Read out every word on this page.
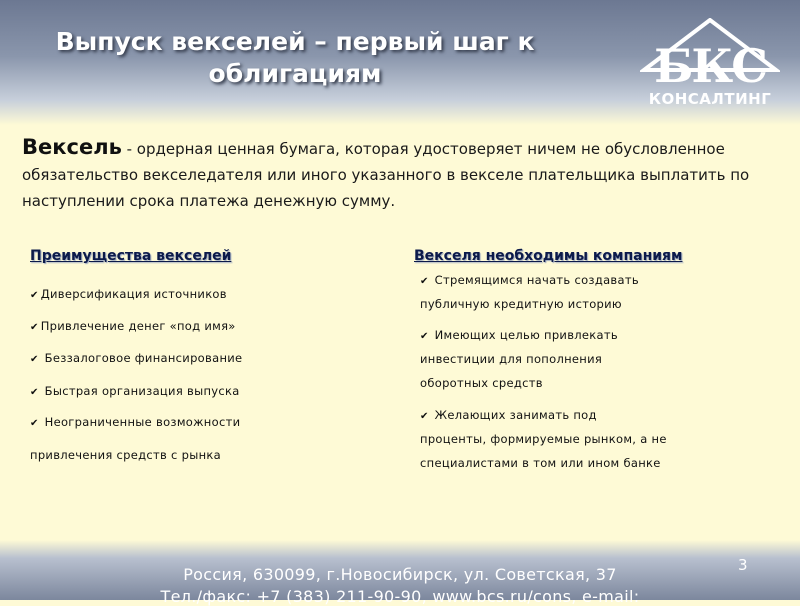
Выпуск векселей – первый шаг к
облигациям	БКС
КОНСАЛТИНГ
Вексель - ордерная ценная бумага, которая удостоверяет ничем не обусловленное обязательство векселедателя или иного указанного в векселе плательщика выплатить по наступлении срока платежа денежную сумму.
Преимущества векселей
✔ Диверсификация источников
✔ Привлечение денег «под имя»
✔ Беззалоговое финансирование
✔ Быстрая организация выпуска
✔ Неограниченные возможности
привлечения средств с рынка
Векселя необходимы компаниям
✔ Стремящимся начать создавать
публичную кредитную историю
✔ Имеющих целью привлекать
инвестиции для пополнения
оборотных средств
✔ Желающих занимать под
проценты, формируемые рынком, а не
специалистами в том или ином банке
Россия, 630099, г.Новосибирск, ул. Советская, 37
Тел./факс: +7 (383) 211-90-90, www.bcs.ru/cons, e-mail:
3
